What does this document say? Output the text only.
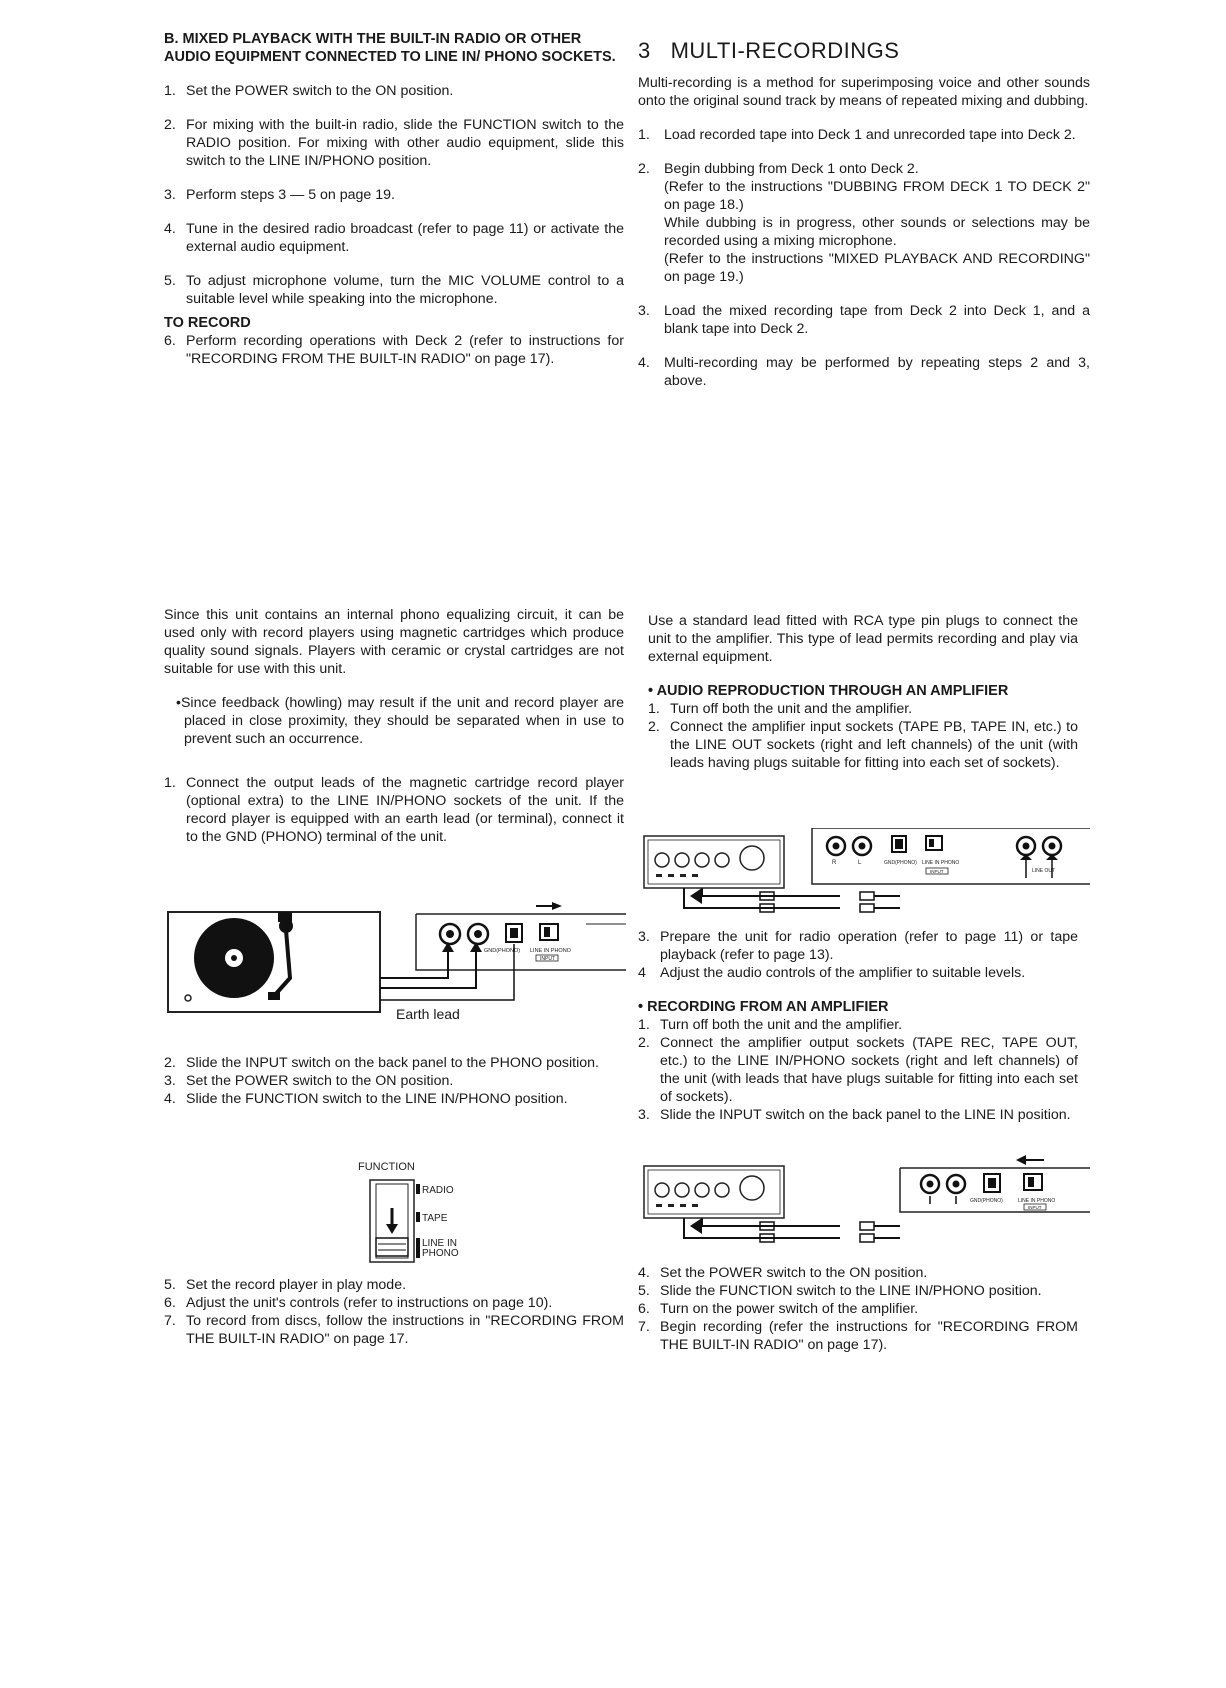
B. MIXED PLAYBACK WITH THE BUILT-IN RADIO OR OTHER AUDIO EQUIPMENT CONNECTED TO LINE IN/ PHONO SOCKETS.
1. Set the POWER switch to the ON position.
2. For mixing with the built-in radio, slide the FUNCTION switch to the RADIO position. For mixing with other audio equipment, slide this switch to the LINE IN/PHONO position.
3. Perform steps 3 — 5 on page 19.
4. Tune in the desired radio broadcast (refer to page 11) or activate the external audio equipment.
5. To adjust microphone volume, turn the MIC VOLUME control to a suitable level while speaking into the microphone.
TO RECORD
6. Perform recording operations with Deck 2 (refer to instructions for "RECORDING FROM THE BUILT-IN RADIO" on page 17).
3   MULTI-RECORDINGS

Multi-recording is a method for superimposing voice and other sounds onto the original sound track by means of repeated mixing and dubbing.

1. Load recorded tape into Deck 1 and unrecorded tape into Deck 2.
2. Begin dubbing from Deck 1 onto Deck 2.
(Refer to the instructions "DUBBING FROM DECK 1 TO DECK 2" on page 18.)
While dubbing is in progress, other sounds or selections may be recorded using a mixing microphone.
(Refer to the instructions "MIXED PLAYBACK AND RECORDING" on page 19.)
3. Load the mixed recording tape from Deck 2 into Deck 1, and a blank tape into Deck 2.
4. Multi-recording may be performed by repeating steps 2 and 3, above.

Since this unit contains an internal phono equalizing circuit, it can be used only with record players using magnetic cartridges which produce quality sound signals. Players with ceramic or crystal cartridges are not suitable for use with this unit.

•Since feedback (howling) may result if the unit and record player are placed in close proximity, they should be separated when in use to prevent such an occurrence.

1. Connect the output leads of the magnetic cartridge record player (optional extra) to the LINE IN/PHONO sockets of the unit. If the record player is equipped with an earth lead (or terminal), connect it to the GND (PHONO) terminal of the unit.
GND(PHONO) LINE IN PHONO
INPUT
Earth lead
2. Slide the INPUT switch on the back panel to the PHONO position.
3. Set the POWER switch to the ON position.
4. Slide the FUNCTION switch to the LINE IN/PHONO position.
FUNCTION
RADIO
TAPE
LINE IN
PHONO
5. Set the record player in play mode.
6. Adjust the unit's controls (refer to instructions on page 10).
7. To record from discs, follow the instructions in "RECORDING FROM THE BUILT-IN RADIO" on page 17.

Use a standard lead fitted with RCA type pin plugs to connect the unit to the amplifier. This type of lead permits recording and play via external equipment.

• AUDIO REPRODUCTION THROUGH AN AMPLIFIER
1. Turn off both the unit and the amplifier.
2. Connect the amplifier input sockets (TAPE PB, TAPE IN, etc.) to the LINE OUT sockets (right and left channels) of the unit (with leads having plugs suitable for fitting into each set of sockets).
R	L	GND(PHONO) LINE IN PHONO
INPUT	LINE OUT
3. Prepare the unit for radio operation (refer to page 11) or tape playback (refer to page 13).
4 Adjust the audio controls of the amplifier to suitable levels.
• RECORDING FROM AN AMPLIFIER
1. Turn off both the unit and the amplifier.
2. Connect the amplifier output sockets (TAPE REC, TAPE OUT, etc.) to the LINE IN/PHONO sockets (right and left channels) of the unit (with leads that have plugs suitable for fitting into each set of sockets).
3. Slide the INPUT switch on the back panel to the LINE IN position.
GND(PHONO)	LINE IN PHONO
INPUT
4. Set the POWER switch to the ON position.
5. Slide the FUNCTION switch to the LINE IN/PHONO position.
6. Turn on the power switch of the amplifier.
7. Begin recording (refer the instructions for "RECORDING FROM THE BUILT-IN RADIO" on page 17).
